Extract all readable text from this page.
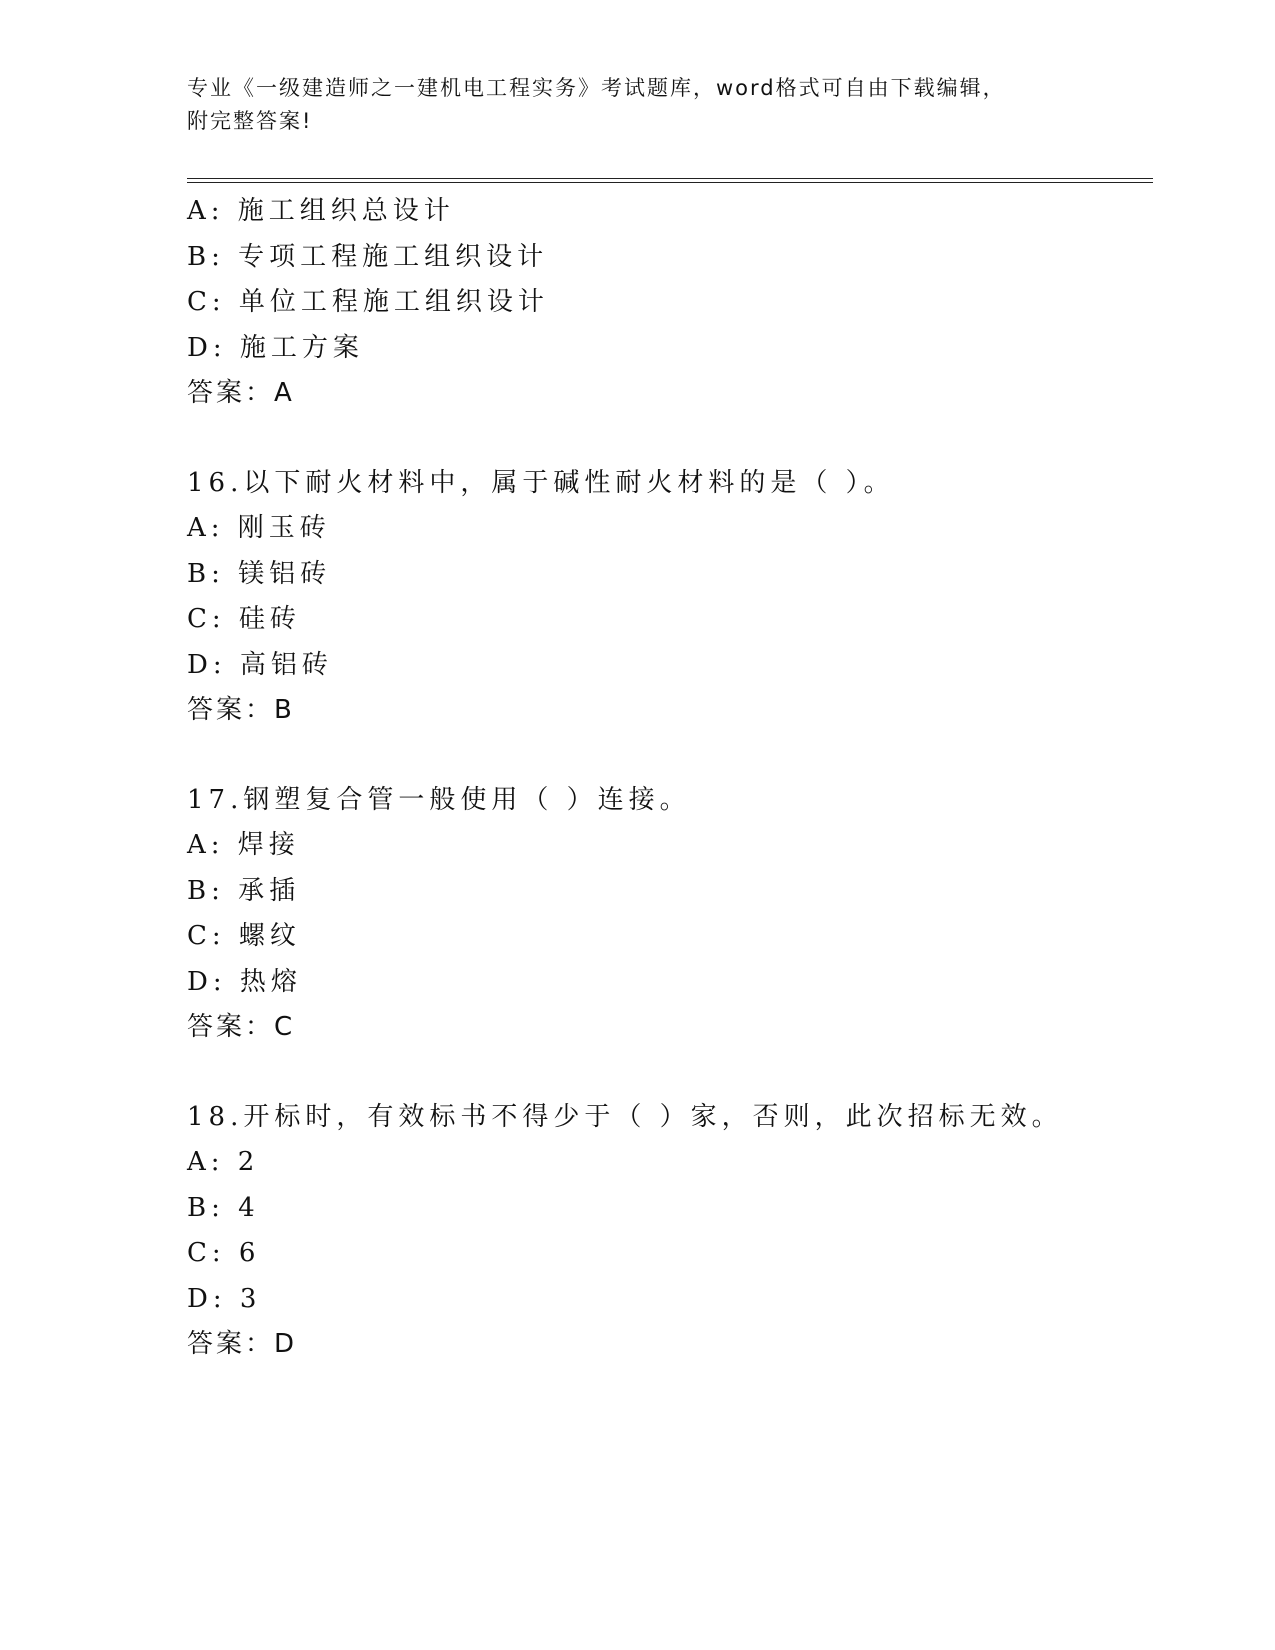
专业《一级建造师之一建机电工程实务》考试题库，word格式可自由下载编辑，
附完整答案!
A: 施工组织总设计
B: 专项工程施工组织设计
C: 单位工程施工组织设计
D: 施工方案
答案：A
16.以下耐火材料中，属于碱性耐火材料的是（ ）。
A: 刚玉砖
B: 镁铝砖
C: 硅砖
D: 高铝砖
答案：B
17.钢塑复合管一般使用（ ）连接。
A: 焊接
B: 承插
C: 螺纹
D: 热熔
答案：C
18.开标时，有效标书不得少于（ ）家，否则，此次招标无效。
A: 2
B: 4
C: 6
D: 3
答案：D
